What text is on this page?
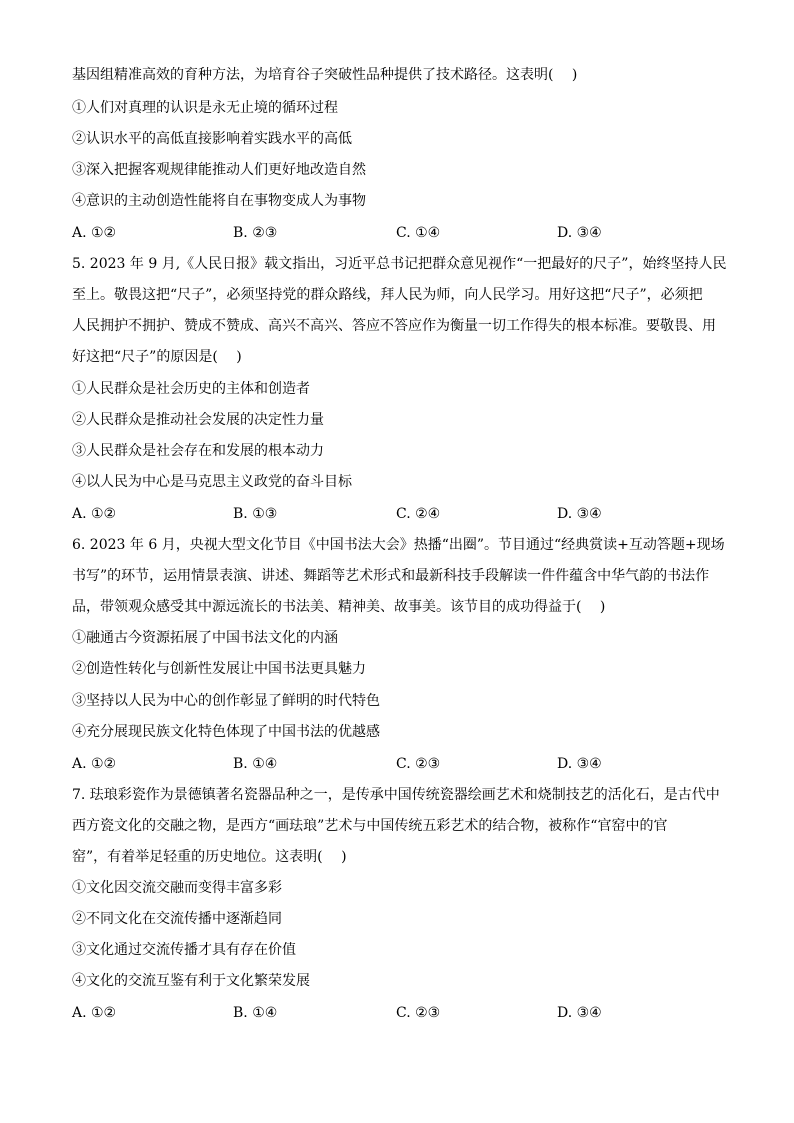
基因组精准高效的育种方法，为培育谷子突破性品种提供了技术路径。这表明(　 )
①人们对真理的认识是永无止境的循环过程
②认识水平的高低直接影响着实践水平的高低
③深入把握客观规律能推动人们更好地改造自然
④意识的主动创造性能将自在事物变成人为事物
A. ①②	B. ②③	C. ①④	D. ③④
5. 2023 年 9 月,《人民日报》载文指出，习近平总书记把群众意见视作“一把最好的尺子”，始终坚持人民
至上。敬畏这把“尺子”，必须坚持党的群众路线，拜人民为师，向人民学习。用好这把“尺子”，必须把
人民拥护不拥护、赞成不赞成、高兴不高兴、答应不答应作为衡量一切工作得失的根本标准。要敬畏、用
好这把“尺子”的原因是(　 )
①人民群众是社会历史的主体和创造者
②人民群众是推动社会发展的决定性力量
③人民群众是社会存在和发展的根本动力
④以人民为中心是马克思主义政党的奋斗目标
A. ①②	B. ①③	C. ②④	D. ③④
6. 2023 年 6 月，央视大型文化节目《中国书法大会》热播“出圈”。节目通过“经典赏读+互动答题+现场
书写”的环节，运用情景表演、讲述、舞蹈等艺术形式和最新科技手段解读一件件蕴含中华气韵的书法作
品，带领观众感受其中源远流长的书法美、精神美、故事美。该节目的成功得益于(　 )
①融通古今资源拓展了中国书法文化的内涵
②创造性转化与创新性发展让中国书法更具魅力
③坚持以人民为中心的创作彰显了鲜明的时代特色
④充分展现民族文化特色体现了中国书法的优越感
A. ①②	B. ①④	C. ②③	D. ③④
7. 珐琅彩瓷作为景德镇著名瓷器品种之一，是传承中国传统瓷器绘画艺术和烧制技艺的活化石，是古代中
西方瓷文化的交融之物，是西方“画珐琅”艺术与中国传统五彩艺术的结合物，被称作“官窑中的官
窑”，有着举足轻重的历史地位。这表明(　 )
①文化因交流交融而变得丰富多彩
②不同文化在交流传播中逐渐趋同
③文化通过交流传播才具有存在价值
④文化的交流互鉴有利于文化繁荣发展
A. ①②	B. ①④	C. ②③	D. ③④
